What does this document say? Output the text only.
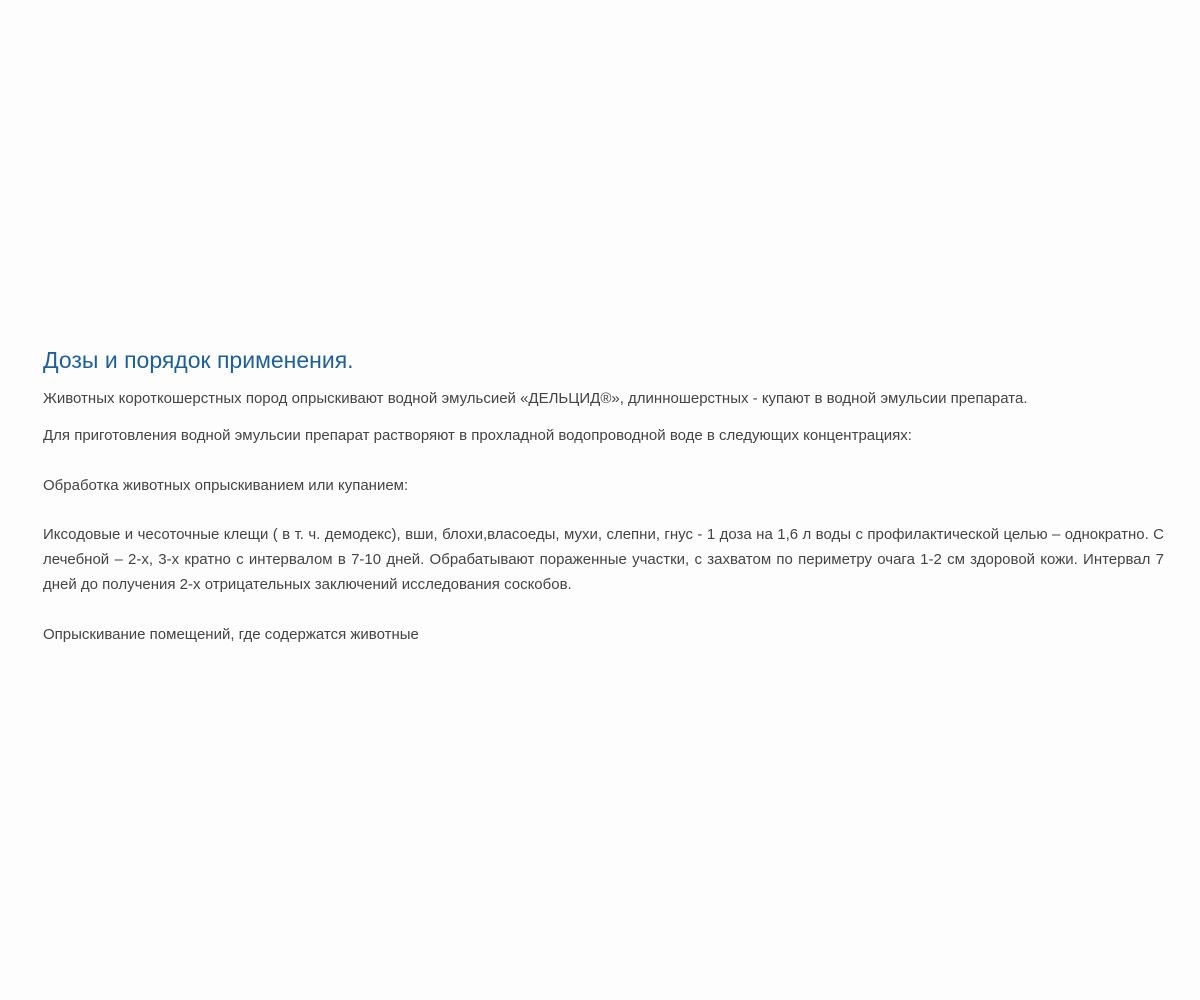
Дозы и порядок применения.

Животных короткошерстных пород опрыскивают водной эмульсией «ДЕЛЬЦИД®», длинношерстных - купают в водной эмульсии препарата.

Для приготовления водной эмульсии препарат растворяют в прохладной водопроводной воде в следующих концентрациях:

Обработка животных опрыскиванием или купанием:

Иксодовые и чесоточные клещи ( в т. ч. демодекс), вши, блохи,власоеды, мухи, слепни, гнус - 1 доза на 1,6 л воды с профилактической целью – однократно. С лечебной – 2-х, 3-х кратно с интервалом в 7-10 дней. Обрабатывают пораженные участки, с захватом по периметру очага 1-2 см здоровой кожи. Интервал 7 дней до получения 2-х отрицательных заключений исследования соскобов.

Опрыскивание помещений, где содержатся животные
